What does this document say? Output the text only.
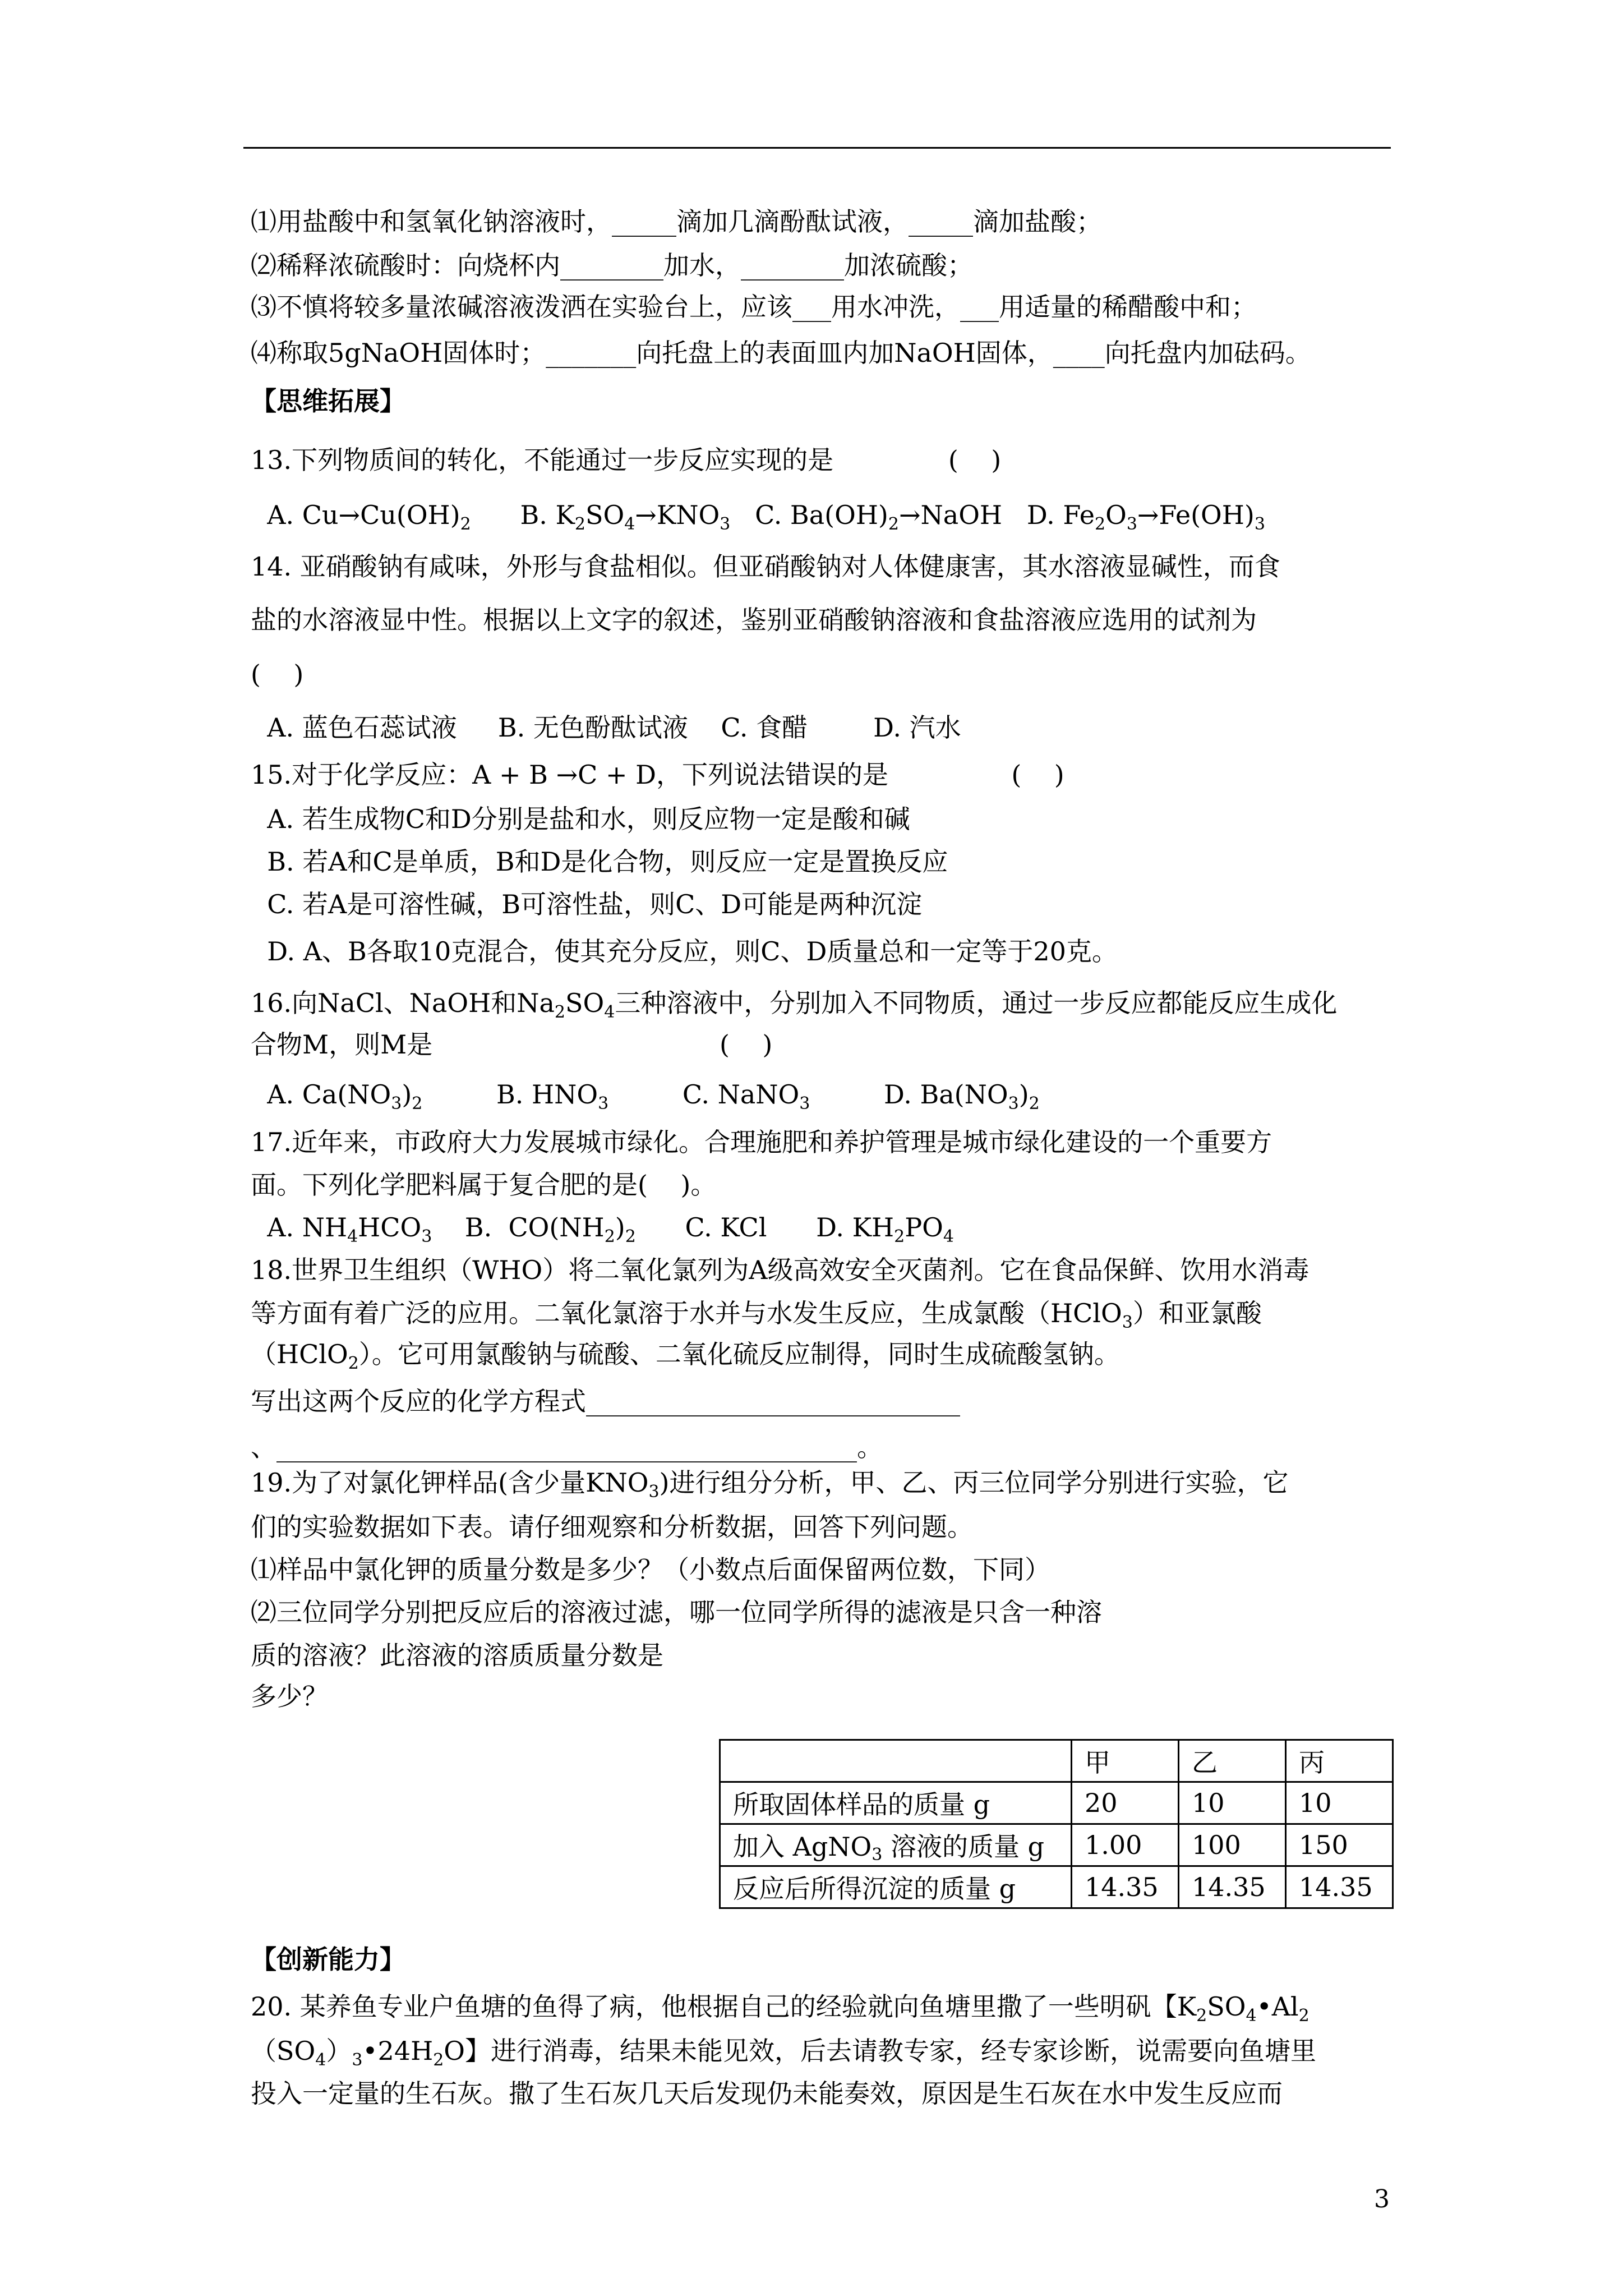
⑴用盐酸中和氢氧化钠溶液时，_____滴加几滴酚酞试液，_____滴加盐酸；
⑵稀释浓硫酸时：向烧杯内________加水，________加浓硫酸；
⑶不慎将较多量浓碱溶液泼洒在实验台上，应该___用水冲洗，___用适量的稀醋酸中和；
⑷称取5gNaOH固体时；_______向托盘上的表面皿内加NaOH固体，____向托盘内加砝码。
【思维拓展】
13.下列物质间的转化，不能通过一步反应实现的是              (    )
A. $Cu\to Cu(OH)_2$      B. $K_2SO_4\to KNO_3$   C. $Ba(OH)_2\to NaOH$   D. $Fe_2O_3\to Fe(OH)_3$
14. 亚硝酸钠有咸味，外形与食盐相似。但亚硝酸钠对人体健康害，其水溶液显碱性，而食
盐的水溶液显中性。根据以上文字的叙述，鉴别亚硝酸钠溶液和食盐溶液应选用的试剂为
(    )
A. 蓝色石蕊试液     B. 无色酚酞试液    C. 食醋        D. 汽水
15.对于化学反应：A + B →C + D，下列说法错误的是               (    )
A. 若生成物C和D分别是盐和水，则反应物一定是酸和碱
B. 若A和C是单质，B和D是化合物，则反应一定是置换反应
C. 若A是可溶性碱，B可溶性盐，则C、D可能是两种沉淀
D. A、B各取10克混合，使其充分反应，则C、D质量总和一定等于20克。
16.向NaCl、NaOH和$Na_2SO_4$三种溶液中，分别加入不同物质，通过一步反应都能反应生成化
合物M，则M是                                   (    )
A. $Ca(NO_3)_2$         B. $HNO_3$         C. NaNO$_3$         D. $Ba(NO_3)_2$
17.近年来，市政府大力发展城市绿化。合理施肥和养护管理是城市绿化建设的一个重要方
面。下列化学肥料属于复合肥的是(    )。
A. $NH_4HCO_3$    B.  $CO(NH_2)_2$      C. KCl      D. $KH_2PO_4$
18.世界卫生组织（WHO）将二氧化氯列为A级高效安全灭菌剂。它在食品保鲜、饮用水消毒
等方面有着广泛的应用。二氧化氯溶于水并与水发生反应，生成氯酸（HClO$_3$）和亚氯酸
（HClO$_2$）。它可用氯酸钠与硫酸、二氧化硫反应制得，同时生成硫酸氢钠。
写出这两个反应的化学方程式_____________________________
、_____________________________________________。
19.为了对氯化钾样品(含少量$KNO_3$)进行组分分析，甲、乙、丙三位同学分别进行实验，它
们的实验数据如下表。请仔细观察和分析数据，回答下列问题。
⑴样品中氯化钾的质量分数是多少？（小数点后面保留两位数，下同）
⑵三位同学分别把反应后的溶液过滤，哪一位同学所得的滤液是只含一种溶
质的溶液？此溶液的溶质质量分数是
多少？
【创新能力】
20. 某养鱼专业户鱼塘的鱼得了病，他根据自己的经验就向鱼塘里撒了一些明矾【$K_2SO_4•Al_2$
$(SO_4)_3•24H_2O$】进行消毒，结果未能见效，后去请教专家，经专家诊断，说需要向鱼塘里
投入一定量的生石灰。撒了生石灰几天后发现仍未能奏效，原因是生石灰在水中发生反应而
	甲	乙	丙
所取固体样品的质量 g	20	10	10
加入 AgNO$_3$ 溶液的质量 g	1.00	100	150
反应后所得沉淀的质量 g	14.35	14.35	14.35
3
